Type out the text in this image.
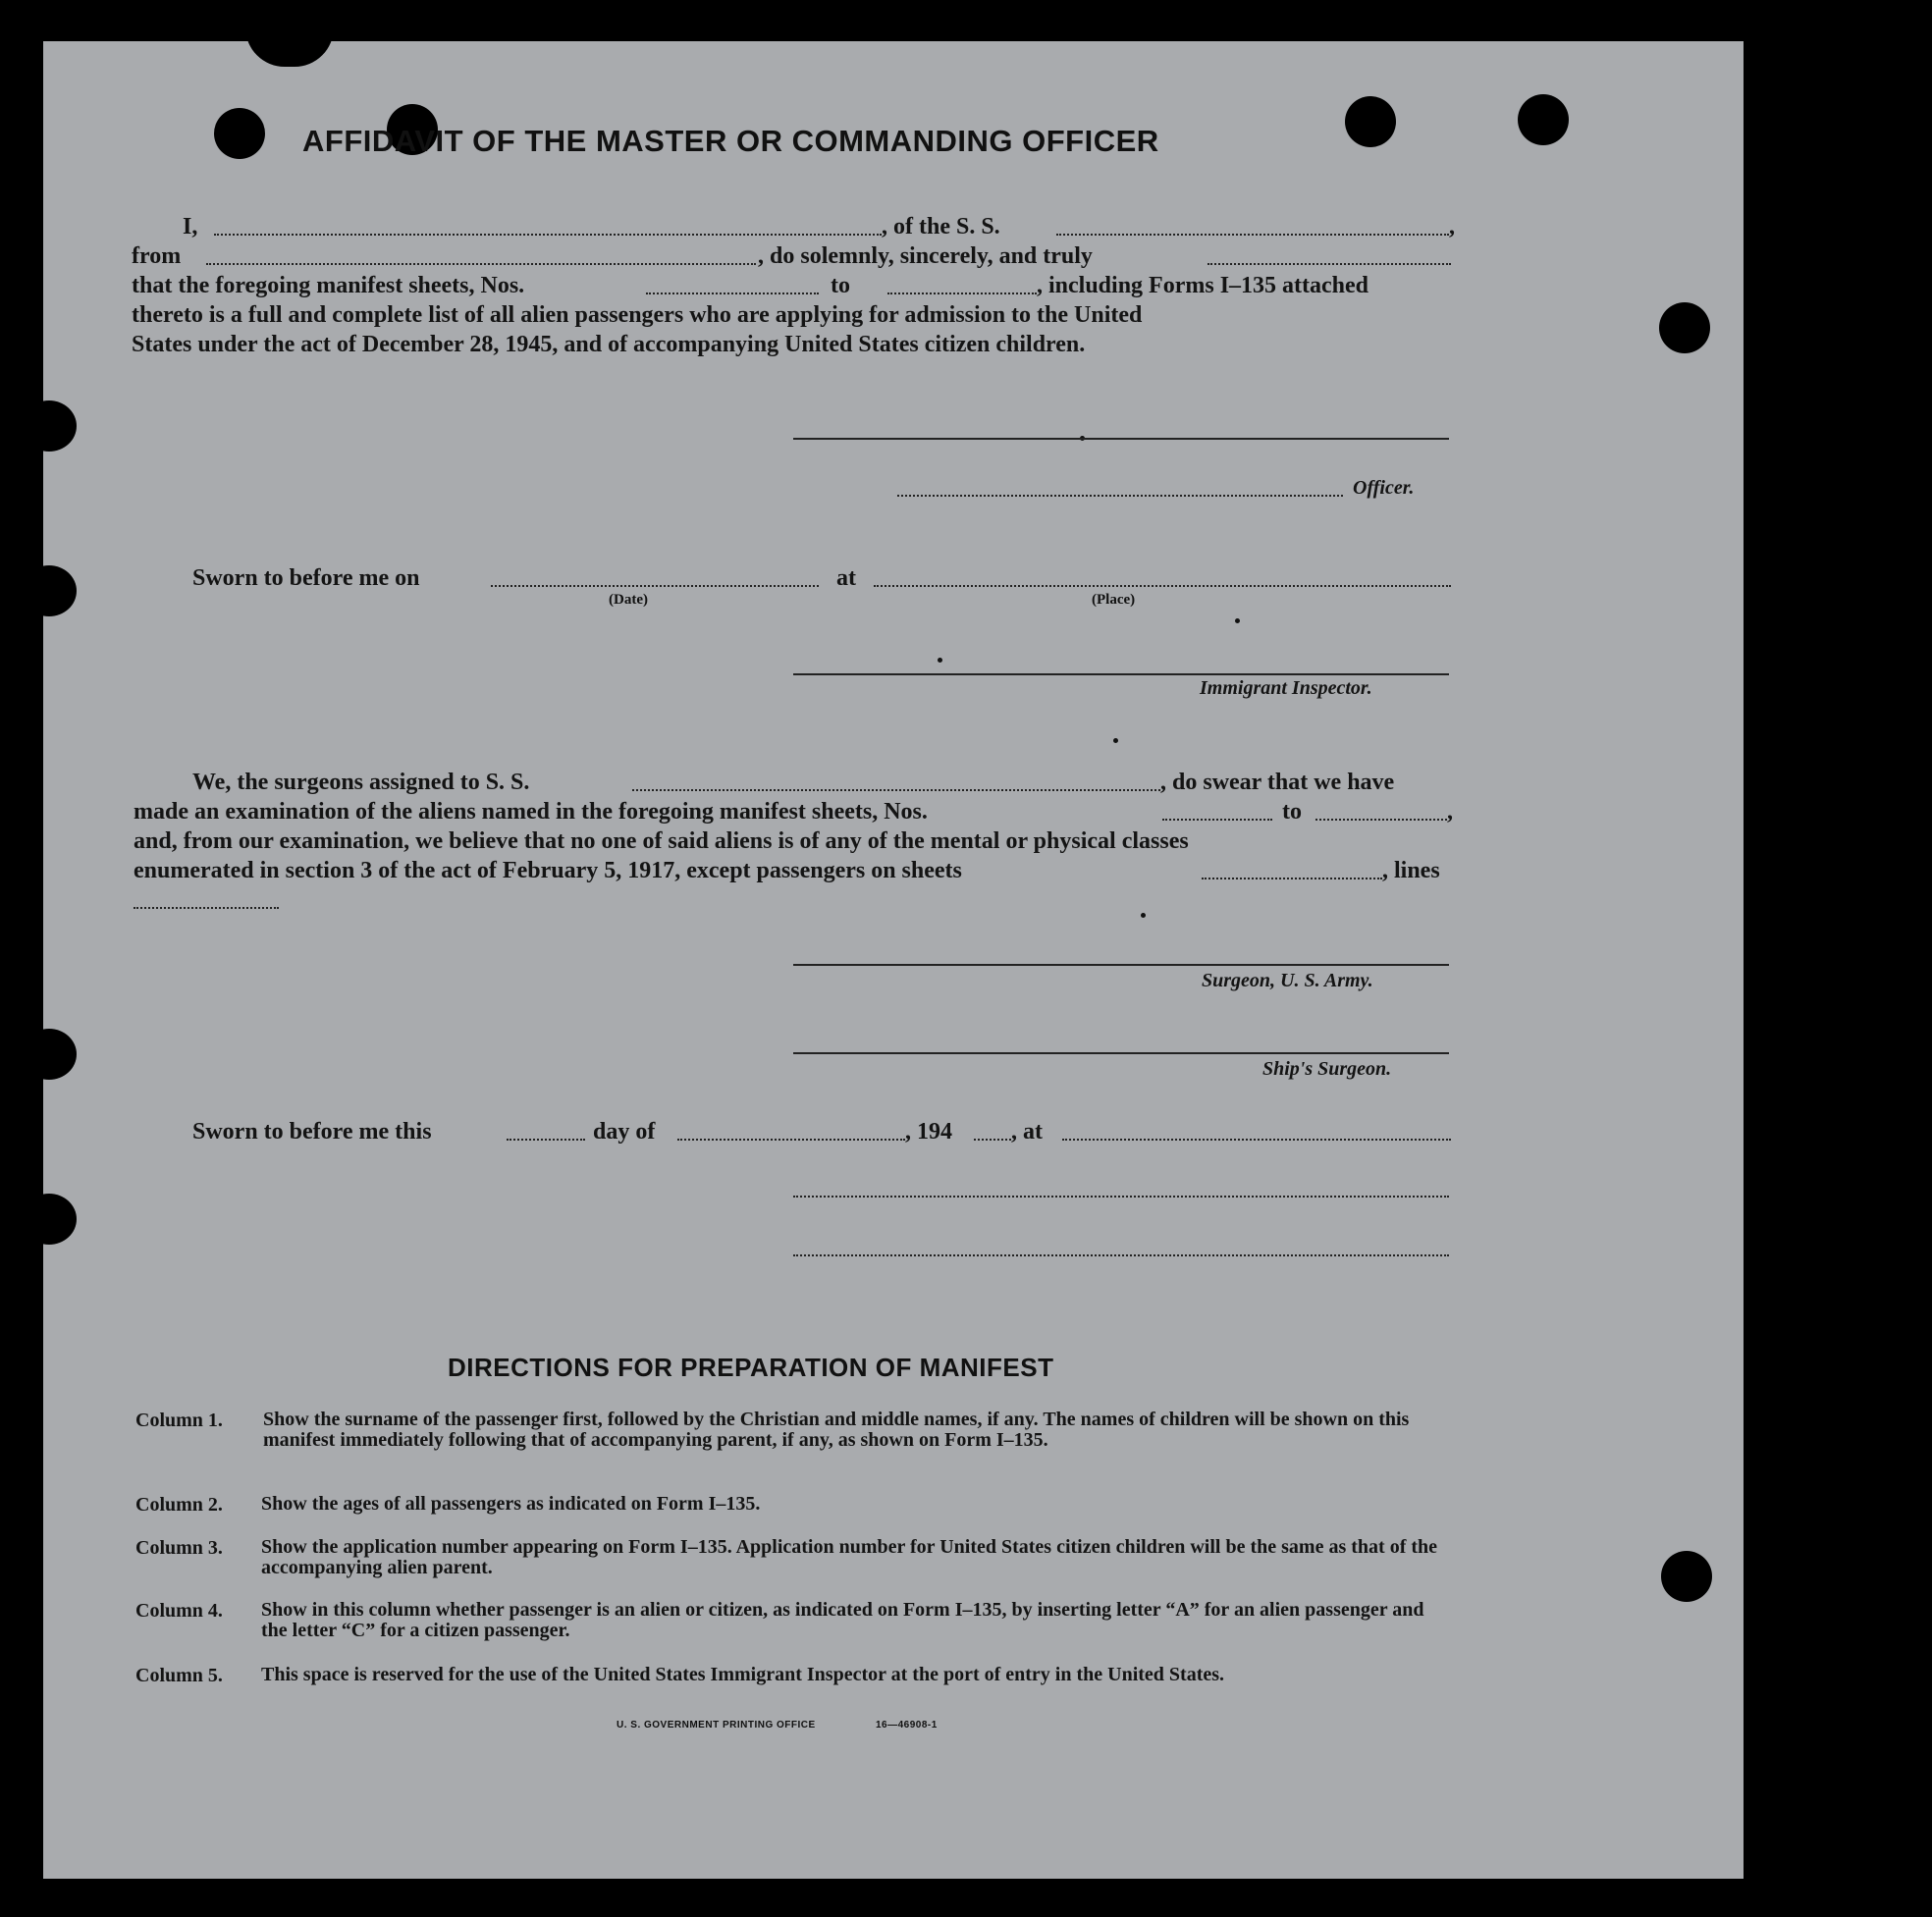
AFFIDAVIT OF THE MASTER OR COMMANDING OFFICER
I,	, of the S. S.	,
from	, do solemnly, sincerely, and truly
that the foregoing manifest sheets, Nos.	to	, including Forms I–135 attached
thereto is a full and complete list of all alien passengers who are applying for admission to the United
States under the act of December 28, 1945, and of accompanying United States citizen children.
Officer.
Sworn to before me on	at
(Date)	(Place)
Immigrant Inspector.
We, the surgeons assigned to S. S.	, do swear that we have
made an examination of the aliens named in the foregoing manifest sheets, Nos.	to	,
and, from our examination, we believe that no one of said aliens is of any of the mental or physical classes
enumerated in section 3 of the act of February 5, 1917, except passengers on sheets	, lines
Surgeon, U. S. Army.
Ship's Surgeon.
Sworn to before me this	day of	, 194	, at
DIRECTIONS FOR PREPARATION OF MANIFEST
Column 1. Show the surname of the passenger first, followed by the Christian and middle names, if any. The names of children will be shown on this manifest immediately following that of accompanying parent, if any, as shown on Form I–135.
Column 2. Show the ages of all passengers as indicated on Form I–135.
Column 3. Show the application number appearing on Form I–135. Application number for United States citizen children will be the same as that of the accompanying alien parent.
Column 4. Show in this column whether passenger is an alien or citizen, as indicated on Form I–135, by inserting letter “A” for an alien passenger and the letter “C” for a citizen passenger.
Column 5. This space is reserved for the use of the United States Immigrant Inspector at the port of entry in the United States.
U. S. GOVERNMENT PRINTING OFFICE	16—46908-1
